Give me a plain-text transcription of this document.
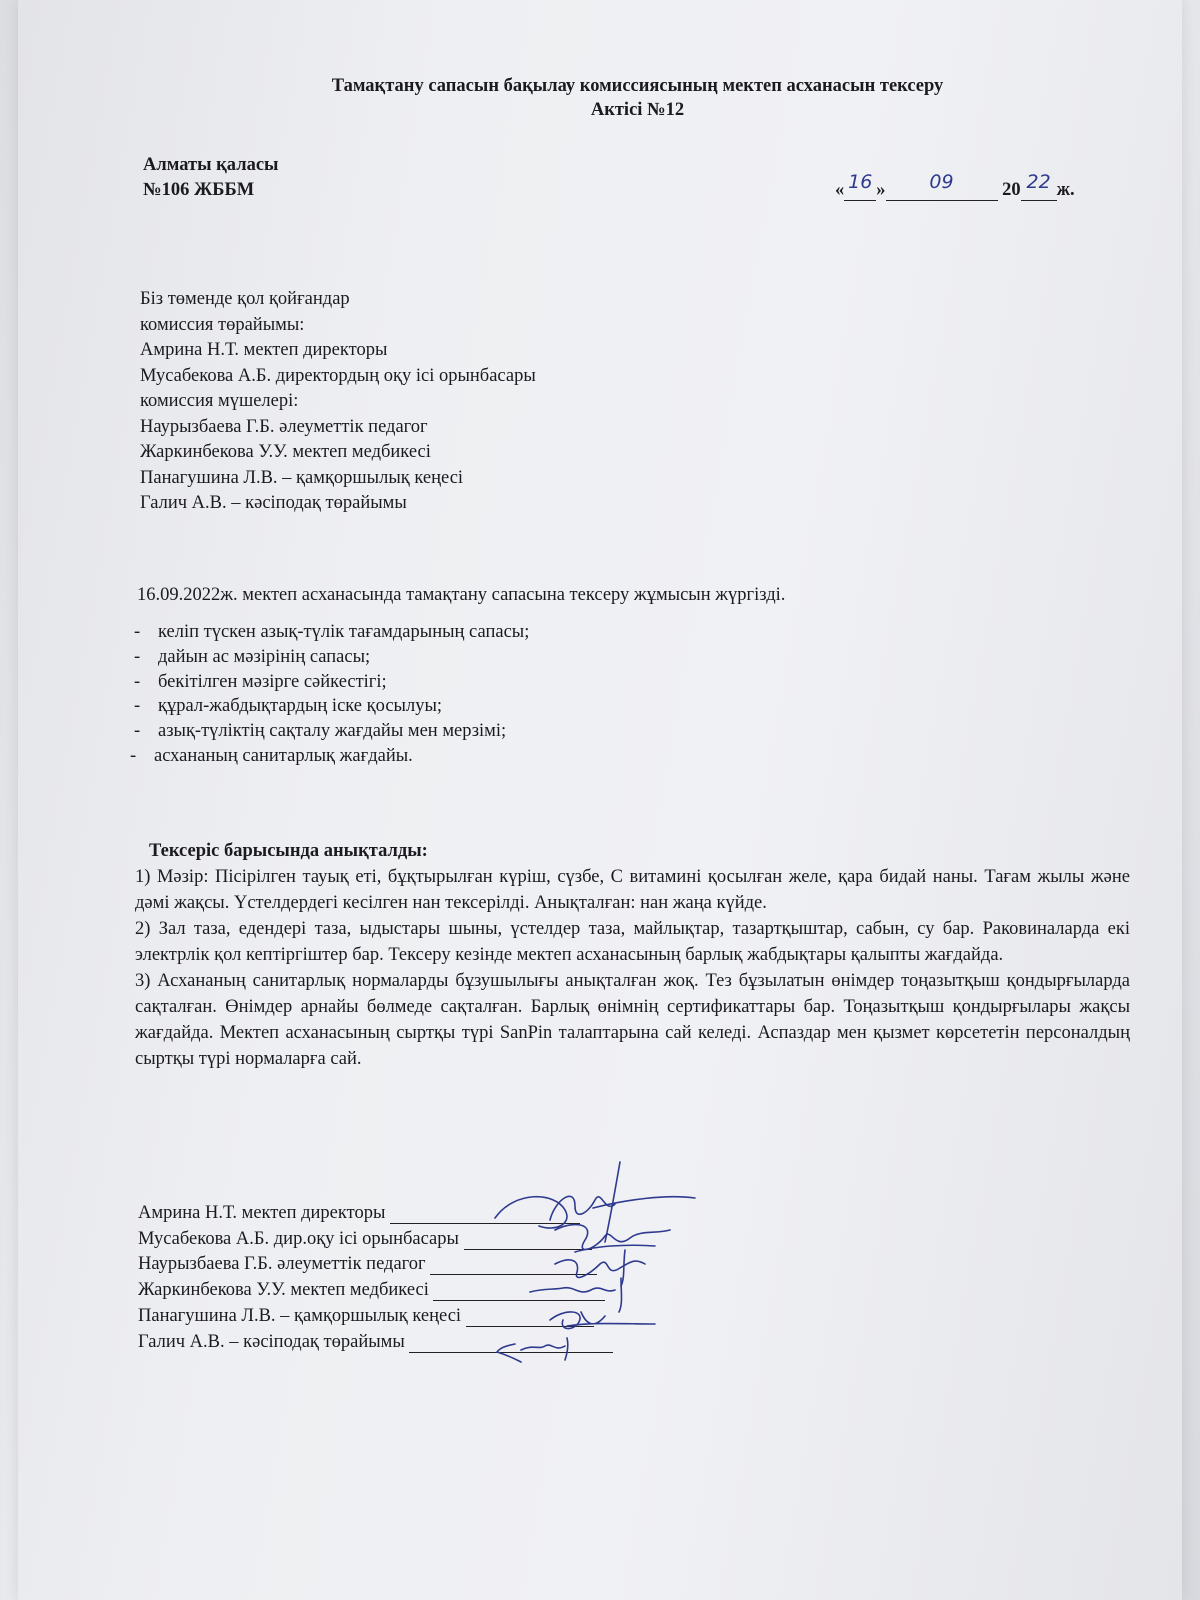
Тамақтану сапасын бақылау комиссиясының мектеп асханасын тексеру
Актісі №12
Алматы қаласы
№106 ЖББМ	« 16 »	09	20 22 ж.
Біз төменде қол қойғандар
комиссия төрайымы:
Амрина Н.Т. мектеп директоры
Мусабекова А.Б. директордың оқу ісі орынбасары
комиссия мүшелері:
Наурызбаева Г.Б. әлеуметтік педагог
Жаркинбекова У.У. мектеп медбикесі
Панагушина Л.В. – қамқоршылық кеңесі
Галич А.В. – кәсіподақ төрайымы
16.09.2022ж. мектеп асханасында тамақтану сапасына тексеру жұмысын жүргізді.
- келіп түскен азық-түлік тағамдарының сапасы;
- дайын ас мәзірінің сапасы;
- бекітілген мәзірге сәйкестігі;
- құрал-жабдықтардың іске қосылуы;
- азық-түліктің сақталу жағдайы мен мерзімі;
- асхананың санитарлық жағдайы.

Тексеріс барысында анықталды:

1) Мәзір: Пісірілген тауық еті, бұқтырылған күріш, сүзбе, С витамині қосылған желе, қара бидай наны. Тағам жылы және дәмі жақсы. Үстелдердегі кесілген нан тексерілді. Анықталған: нан жаңа күйде.

2) Зал таза, едендері таза, ыдыстары шыны, үстелдер таза, майлықтар, тазартқыштар, сабын, су бар. Раковиналарда екі электрлік қол кептіргіштер бар. Тексеру кезінде мектеп асханасының барлық жабдықтары қалыпты жағдайда.

3) Асхананың санитарлық нормаларды бұзушылығы анықталған жоқ. Тез бұзылатын өнімдер тоңазытқыш қондырғыларда сақталған. Өнімдер арнайы бөлмеде сақталған. Барлық өнімнің сертификаттары бар. Тоңазытқыш қондырғылары жақсы жағдайда. Мектеп асханасының сыртқы түрі SanPin талаптарына сай келеді. Аспаздар мен қызмет көрсететін персоналдың сыртқы түрі нормаларға сай.

Амрина Н.Т. мектеп директоры
Мусабекова А.Б. дир.оқу ісі орынбасары
Наурызбаева Г.Б. әлеуметтік педагог
Жаркинбекова У.У. мектеп медбикесі
Панагушина Л.В. – қамқоршылық кеңесі
Галич А.В. – кәсіподақ төрайымы
